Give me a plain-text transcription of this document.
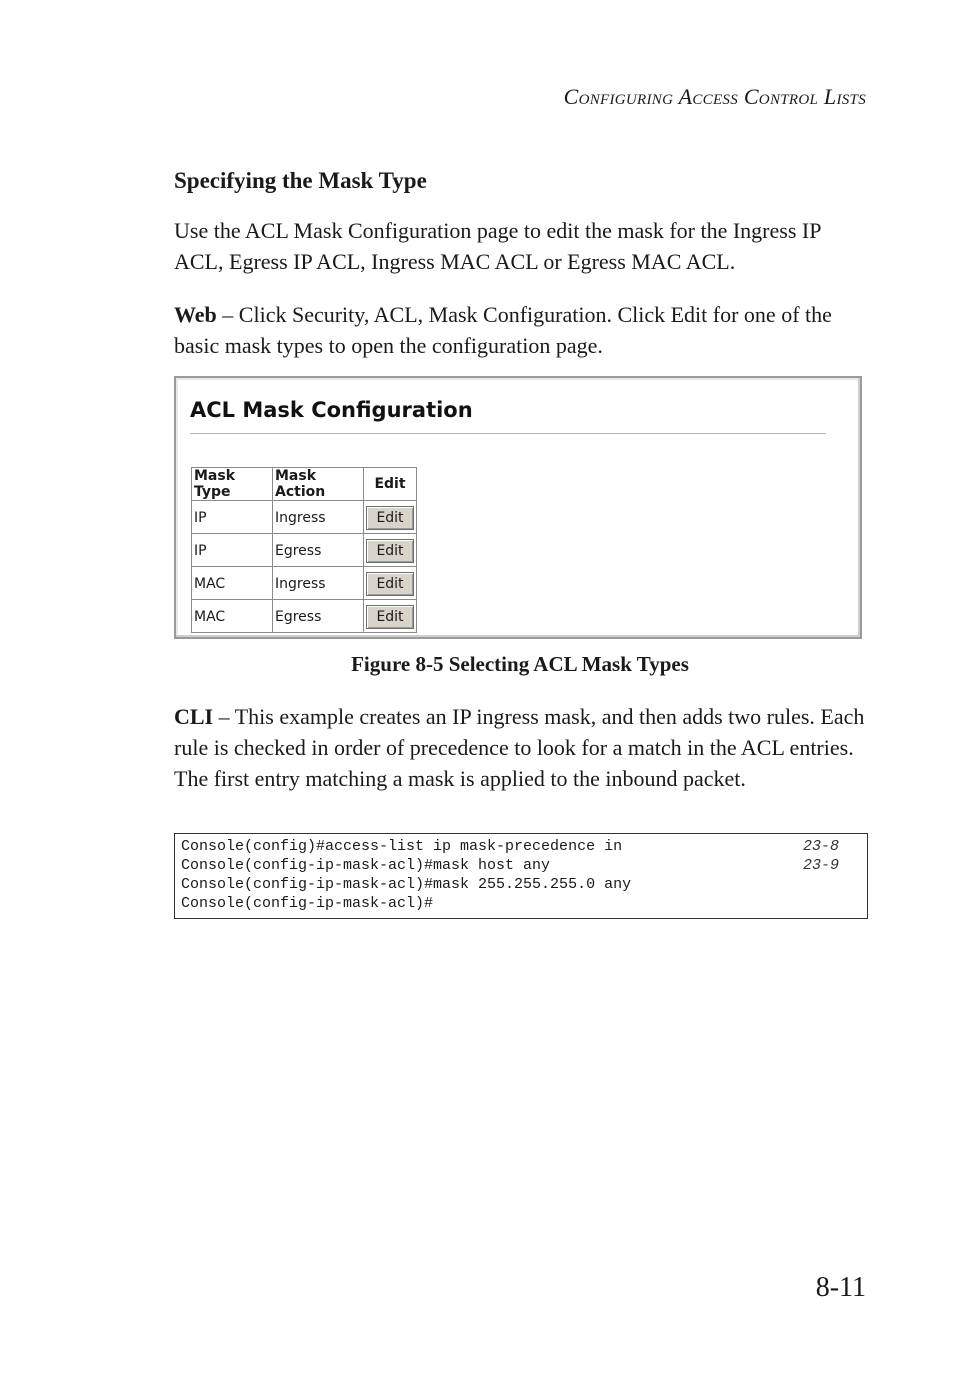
Configuring Access Control Lists
Specifying the Mask Type

Use the ACL Mask Configuration page to edit the mask for the Ingress IP ACL, Egress IP ACL, Ingress MAC ACL or Egress MAC ACL.

Web – Click Security, ACL, Mask Configuration. Click Edit for one of the basic mask types to open the configuration page.

ACL Mask Configuration
Mask Type	Mask Action	Edit
IP	Ingress	Edit
IP	Egress	Edit
MAC	Ingress	Edit
MAC	Egress	Edit
Figure 8-5 Selecting ACL Mask Types

CLI – This example creates an IP ingress mask, and then adds two rules. Each rule is checked in order of precedence to look for a match in the ACL entries. The first entry matching a mask is applied to the inbound packet.

Console(config)#access-list ip mask-precedence in	23-8
Console(config-ip-mask-acl)#mask host any	23-9
Console(config-ip-mask-acl)#mask 255.255.255.0 any
Console(config-ip-mask-acl)#
8-11
